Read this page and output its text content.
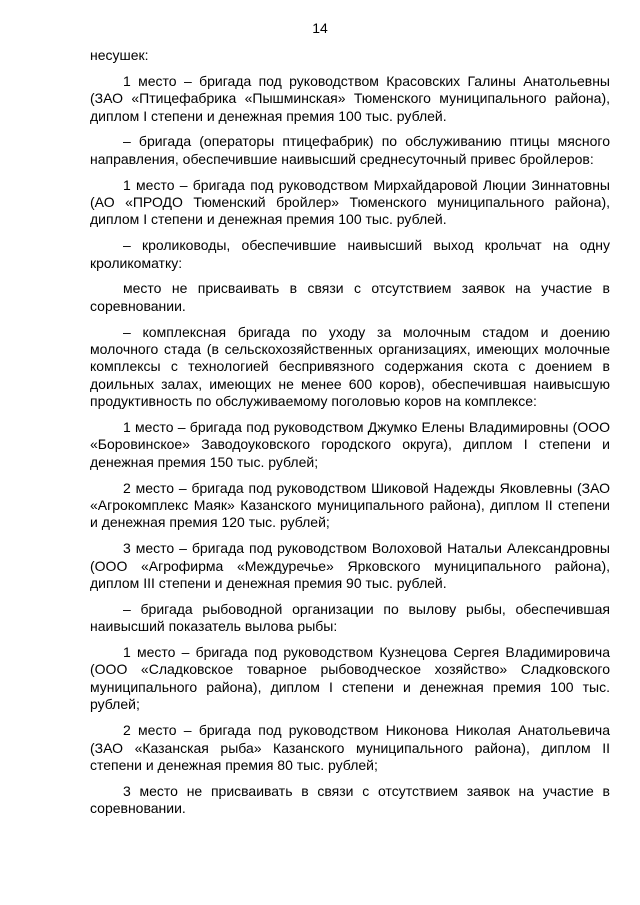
14

несушек:

1 место – бригада под руководством Красовских Галины Анатольевны (ЗАО «Птицефабрика «Пышминская» Тюменского муниципального района), диплом I степени и денежная премия 100 тыс. рублей.

– бригада (операторы птицефабрик) по обслуживанию птицы мясного направления, обеспечившие наивысший среднесуточный привес бройлеров:

1 место – бригада под руководством Мирхайдаровой Люции Зиннатовны (АО «ПРОДО Тюменский бройлер» Тюменского муниципального района), диплом I степени и денежная премия 100 тыс. рублей.

– кролиководы, обеспечившие наивысший выход крольчат на одну кроликоматку:

место не присваивать в связи с отсутствием заявок на участие в соревновании.

– комплексная бригада по уходу за молочным стадом и доению молочного стада (в сельскохозяйственных организациях, имеющих молочные комплексы с технологией беспривязного содержания скота с доением в доильных залах, имеющих не менее 600 коров), обеспечившая наивысшую продуктивность по обслуживаемому поголовью коров на комплексе:

1 место – бригада под руководством Джумко Елены Владимировны (ООО «Боровинское» Заводоуковского городского округа), диплом I степени и денежная премия 150 тыс. рублей;

2 место – бригада под руководством Шиковой Надежды Яковлевны (ЗАО «Агрокомплекс Маяк» Казанского муниципального района), диплом II степени и денежная премия 120 тыс. рублей;

3 место – бригада под руководством Волоховой Натальи Александровны (ООО «Агрофирма «Междуречье» Ярковского муниципального района), диплом III степени и денежная премия 90 тыс. рублей.

– бригада рыбоводной организации по вылову рыбы, обеспечившая наивысший показатель вылова рыбы:

1 место – бригада под руководством Кузнецова Сергея Владимировича (ООО «Сладковское товарное рыбоводческое хозяйство» Сладковского муниципального района), диплом I степени и денежная премия 100 тыс. рублей;

2 место – бригада под руководством Никонова Николая Анатольевича (ЗАО «Казанская рыба» Казанского муниципального района), диплом II степени и денежная премия 80 тыс. рублей;

3 место не присваивать в связи с отсутствием заявок на участие в соревновании.
